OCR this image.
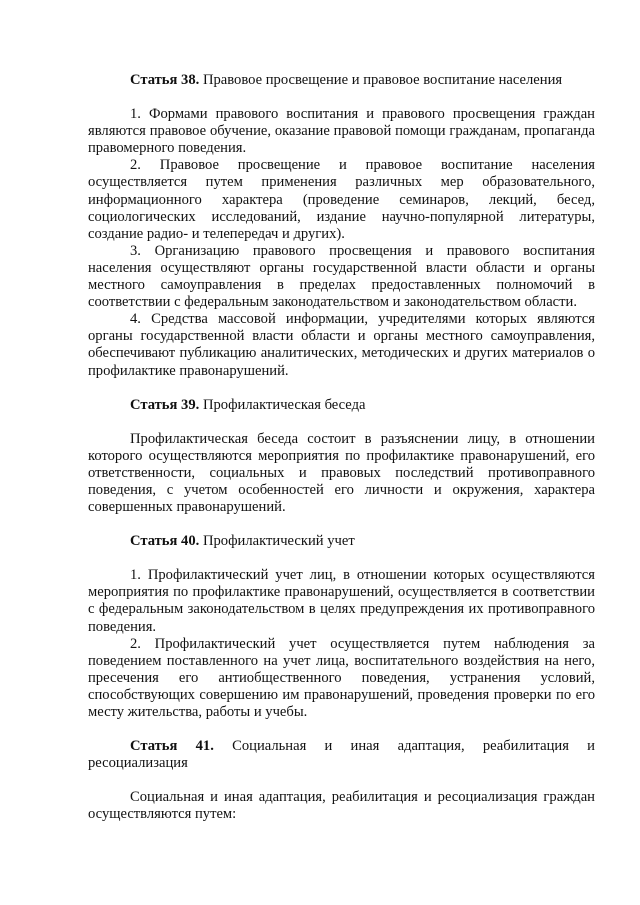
Статья 38. Правовое просвещение и правовое воспитание населения

1. Формами правового воспитания и правового просвещения граждан являются правовое обучение, оказание правовой помощи гражданам, пропаганда правомерного поведения.

2. Правовое просвещение и правовое воспитание населения осуществляется путем применения различных мер образовательного, информационного характера (проведение семинаров, лекций, бесед, социологических исследований, издание научно-популярной литературы, создание радио- и телепередач и других).

3. Организацию правового просвещения и правового воспитания населения осуществляют органы государственной власти области и органы местного самоуправления в пределах предоставленных полномочий в соответствии с федеральным законодательством и законодательством области.

4. Средства массовой информации, учредителями которых являются органы государственной власти области и органы местного самоуправления, обеспечивают публикацию аналитических, методических и других материалов о профилактике правонарушений.

Статья 39. Профилактическая беседа

Профилактическая беседа состоит в разъяснении лицу, в отношении которого осуществляются мероприятия по профилактике правонарушений, его ответственности, социальных и правовых последствий противоправного поведения, с учетом особенностей его личности и окружения, характера совершенных правонарушений.

Статья 40. Профилактический учет

1. Профилактический учет лиц, в отношении которых осуществляются мероприятия по профилактике правонарушений, осуществляется в соответствии с федеральным законодательством в целях предупреждения их противоправного поведения.

2. Профилактический учет осуществляется путем наблюдения за поведением поставленного на учет лица, воспитательного воздействия на него, пресечения его антиобщественного поведения, устранения условий, способствующих совершению им правонарушений, проведения проверки по его месту жительства, работы и учебы.

Статья 41. Социальная и иная адаптация, реабилитация и ресоциализация

Социальная и иная адаптация, реабилитация и ресоциализация граждан осуществляются путем:
